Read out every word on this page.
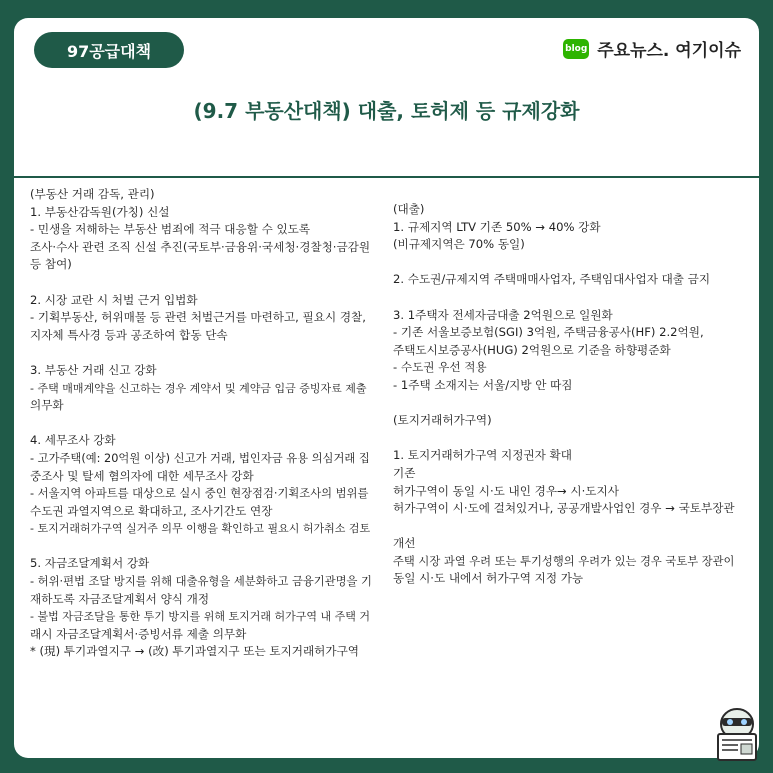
97공급대책	blog 주요뉴스. 여기이슈
(9.7 부동산대책) 대출, 토허제 등 규제강화
(부동산 거래 감독, 관리)
1. 부동산감독원(가칭) 신설
- 민생을 저해하는 부동산 범죄에 적극 대응할 수 있도록
조사·수사 관련 조직 신설 추진(국토부·금융위·국세청·경찰청·금감원
등 참여)
2. 시장 교란 시 처벌 근거 입법화
- 기획부동산, 허위매물 등 관련 처벌근거를 마련하고, 필요시 경찰,
지자체 특사경 등과 공조하여 합동 단속
3. 부동산 거래 신고 강화
- 주택 매매계약을 신고하는 경우 계약서 및 계약금 입금 증빙자료 제출
의무화
4. 세무조사 강화
- 고가주택(예: 20억원 이상) 신고가 거래, 법인자금 유용 의심거래 집
중조사 및 탈세 혐의자에 대한 세무조사 강화
- 서울지역 아파트를 대상으로 실시 중인 현장점검·기획조사의 범위를
수도권 과열지역으로 확대하고, 조사기간도 연장
- 토지거래허가구역 실거주 의무 이행을 확인하고 필요시 허가취소 검토
5. 자금조달계획서 강화
- 허위·편법 조달 방지를 위해 대출유형을 세분화하고 금융기관명을 기
재하도록 자금조달계획서 양식 개정
- 불법 자금조달을 통한 투기 방지를 위해 토지거래 허가구역 내 주택 거
래시 자금조달계획서·증빙서류 제출 의무화
* (現) 투기과열지구 → (改) 투기과열지구 또는 토지거래허가구역
(대출)
1. 규제지역 LTV 기존 50% → 40% 강화
(비규제지역은 70% 동일)
2. 수도권/규제지역 주택매매사업자, 주택임대사업자 대출 금지
3. 1주택자 전세자금대출 2억원으로 일원화
- 기존 서울보증보험(SGI) 3억원, 주택금융공사(HF) 2.2억원,
주택도시보증공사(HUG) 2억원으로 기준을 하향평준화
- 수도권 우선 적용
- 1주택 소재지는 서울/지방 안 따짐
(토지거래허가구역)
1. 토지거래허가구역 지정권자 확대
기존
허가구역이 동일 시·도 내인 경우→ 시·도지사
허가구역이 시·도에 걸쳐있거나, 공공개발사업인 경우 → 국토부장관
개선
주택 시장 과열 우려 또는 투기성행의 우려가 있는 경우 국토부 장관이
동일 시·도 내에서 허가구역 지정 가능
